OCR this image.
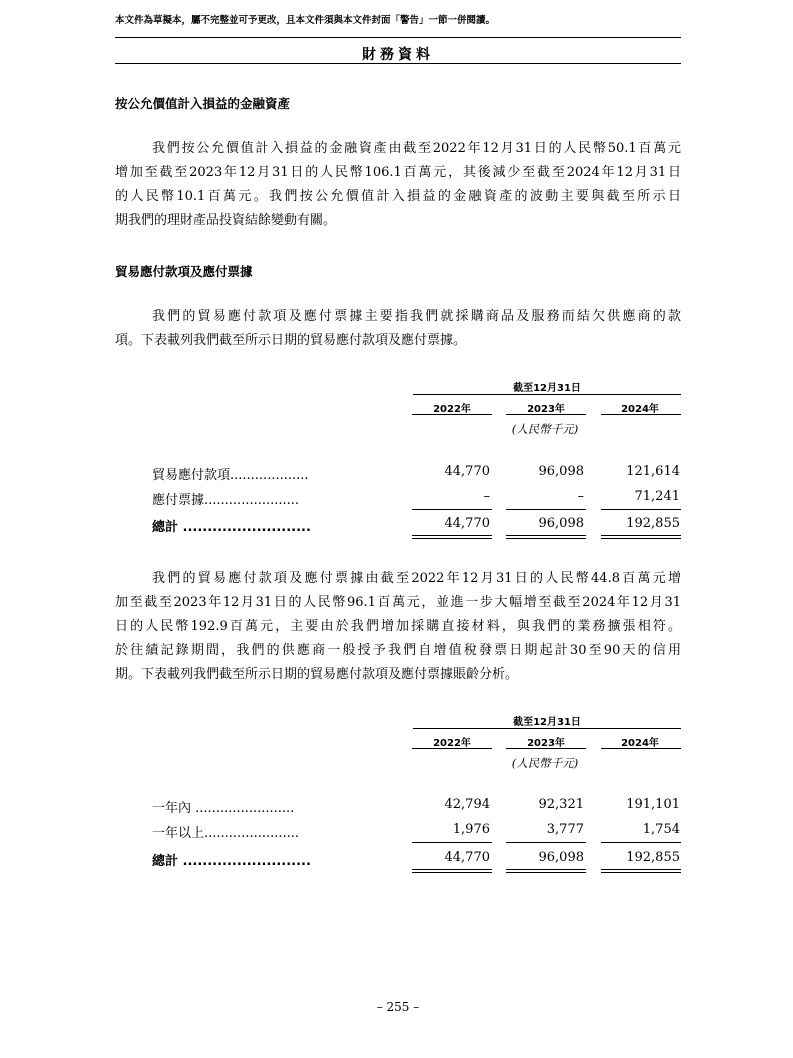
本文件為草擬本，屬不完整並可予更改，且本文件須與本文件封面「警告」一節一併閱讀。
財務資料
按公允價值計入損益的金融資產
我們按公允價值計入損益的金融資產由截至2022年12月31日的人民幣50.1百萬元
增加至截至2023年12月31日的人民幣106.1百萬元，其後減少至截至2024年12月31日
的人民幣10.1百萬元。我們按公允價值計入損益的金融資產的波動主要與截至所示日
期我們的理財產品投資結餘變動有關。
貿易應付款項及應付票據
我們的貿易應付款項及應付票據主要指我們就採購商品及服務而結欠供應商的款
項。下表載列我們截至所示日期的貿易應付款項及應付票據。
截至12月31日
2022年	2023年	2024年
(人民幣千元)
貿易應付款項...................	44,770	96,098	121,614
應付票據.......................	–	–	71,241
總計 ..........................	44,770	96,098	192,855
我們的貿易應付款項及應付票據由截至2022年12月31日的人民幣44.8百萬元增
加至截至2023年12月31日的人民幣96.1百萬元，並進一步大幅增至截至2024年12月31
日的人民幣192.9百萬元，主要由於我們增加採購直接材料，與我們的業務擴張相符。
於往績記錄期間，我們的供應商一般授予我們自增值稅發票日期起計30至90天的信用
期。下表載列我們截至所示日期的貿易應付款項及應付票據賬齡分析。
截至12月31日
2022年	2023年	2024年
(人民幣千元)
一年內 ........................	42,794	92,321	191,101
一年以上.......................	1,976	3,777	1,754
總計 ..........................	44,770	96,098	192,855
– 255 –
